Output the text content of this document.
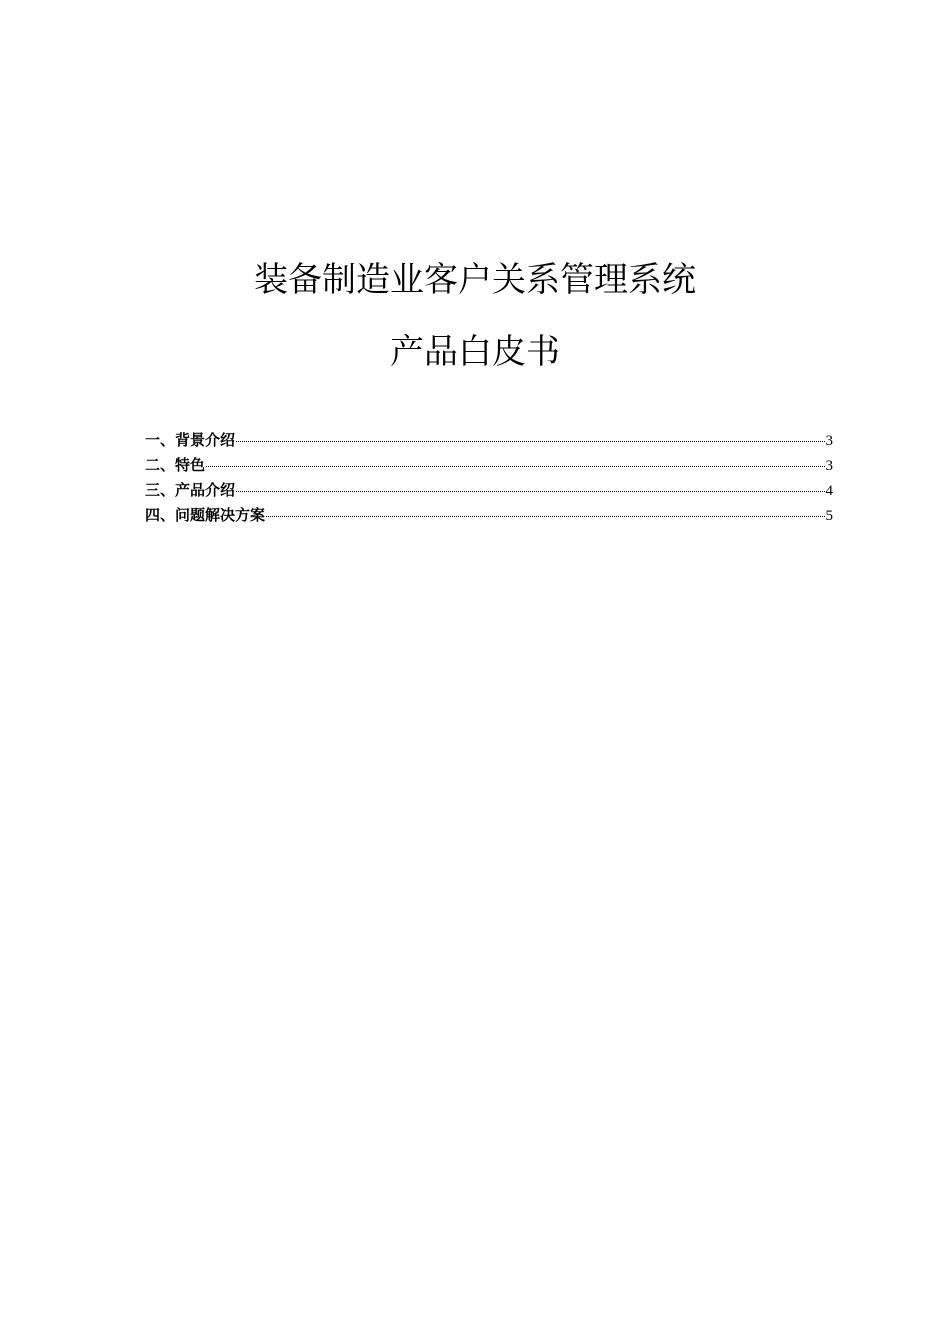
装备制造业客户关系管理系统
产品白皮书
一、背景介绍	3
二、特色	3
三、产品介绍	4
四、问题解决方案	5
